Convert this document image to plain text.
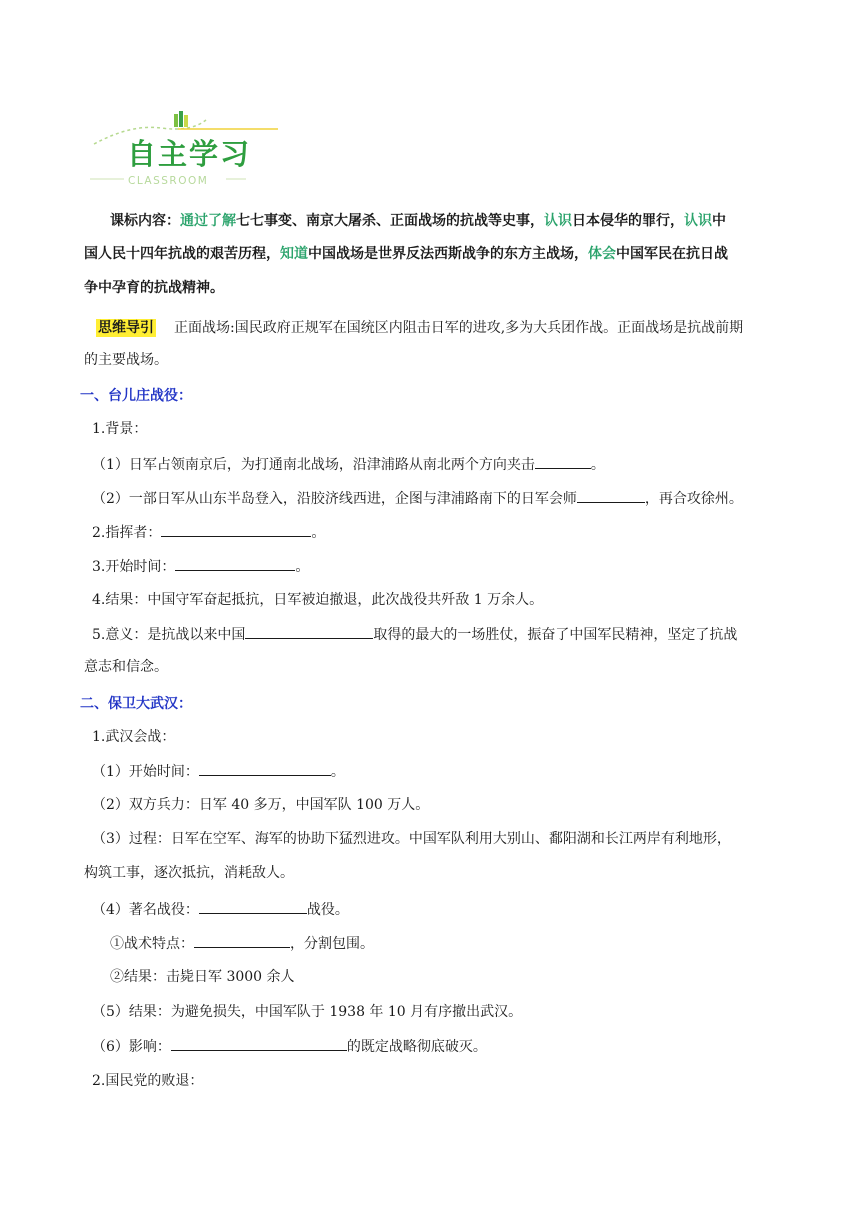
自主学习
CLASSROOM
课标内容：通过了解七七事变、南京大屠杀、正面战场的抗战等史事，认识日本侵华的罪行，认识中
国人民十四年抗战的艰苦历程，知道中国战场是世界反法西斯战争的东方主战场，体会中国军民在抗日战
争中孕育的抗战精神。
思维导引 正面战场:国民政府正规军在国统区内阻击日军的进攻,多为大兵团作战。正面战场是抗战前期
的主要战场。
一、台儿庄战役：
1.背景：
（1）日军占领南京后，为打通南北战场，沿津浦路从南北两个方向夹击	。
（2）一部日军从山东半岛登入，沿胶济线西进，企图与津浦路南下的日军会师	，再合攻徐州。
2.指挥者：	。
3.开始时间：	。
4.结果：中国守军奋起抵抗，日军被迫撤退，此次战役共歼敌 1 万余人。
5.意义：是抗战以来中国	取得的最大的一场胜仗，振奋了中国军民精神，坚定了抗战
意志和信念。
二、保卫大武汉：
1.武汉会战：
（1）开始时间：	。
（2）双方兵力：日军 40 多万，中国军队 100 万人。
（3）过程：日军在空军、海军的协助下猛烈进攻。中国军队利用大别山、鄱阳湖和长江两岸有利地形，
构筑工事，逐次抵抗，消耗敌人。
（4）著名战役：	战役。
①战术特点：	，分割包围。
②结果：击毙日军 3000 余人
（5）结果：为避免损失，中国军队于 1938 年 10 月有序撤出武汉。
（6）影响：	的既定战略彻底破灭。
2.国民党的败退：
